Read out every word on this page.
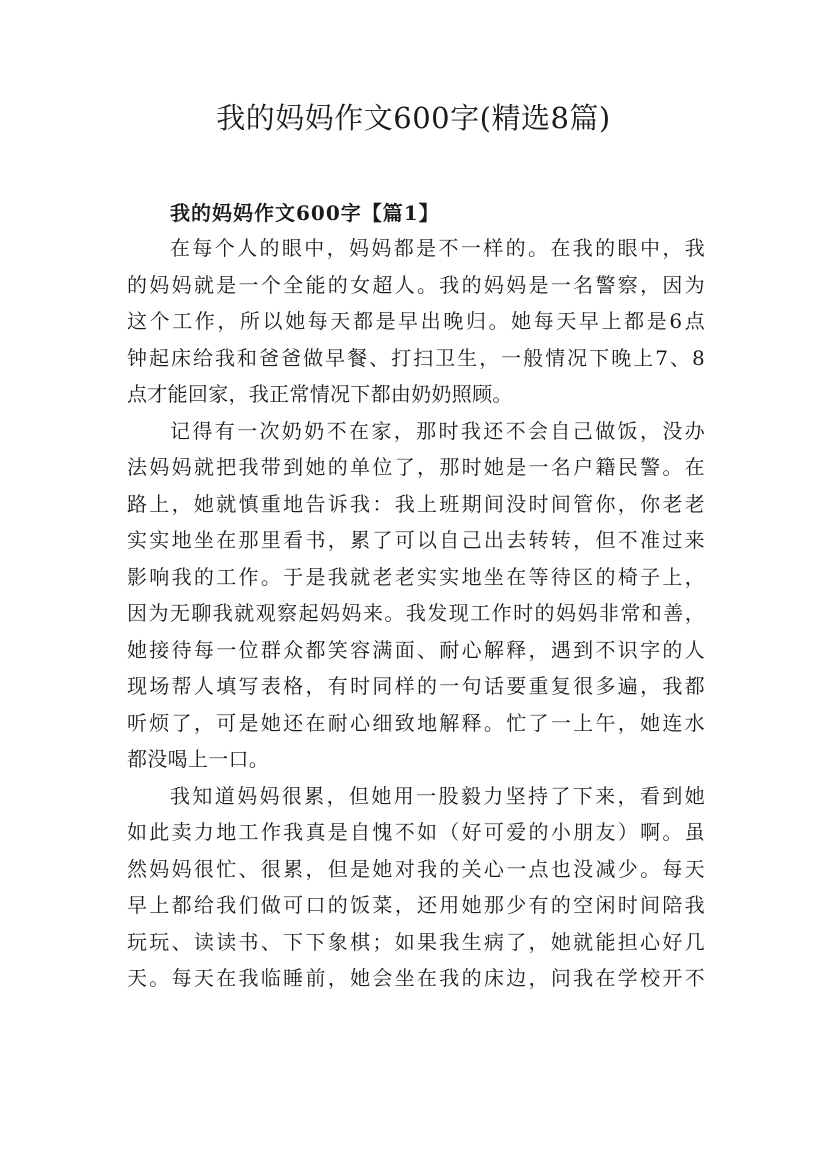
我的妈妈作文600字(精选8篇)
我的妈妈作文600字【篇1】
在每个人的眼中，妈妈都是不一样的。在我的眼中，我
的妈妈就是一个全能的女超人。我的妈妈是一名警察，因为
这个工作，所以她每天都是早出晚归。她每天早上都是6点
钟起床给我和爸爸做早餐、打扫卫生，一般情况下晚上7、8
点才能回家，我正常情况下都由奶奶照顾。
记得有一次奶奶不在家，那时我还不会自己做饭，没办
法妈妈就把我带到她的单位了，那时她是一名户籍民警。在
路上，她就慎重地告诉我：我上班期间没时间管你，你老老
实实地坐在那里看书，累了可以自己出去转转，但不准过来
影响我的工作。于是我就老老实实地坐在等待区的椅子上，
因为无聊我就观察起妈妈来。我发现工作时的妈妈非常和善，
她接待每一位群众都笑容满面、耐心解释，遇到不识字的人
现场帮人填写表格，有时同样的一句话要重复很多遍，我都
听烦了，可是她还在耐心细致地解释。忙了一上午，她连水
都没喝上一口。
我知道妈妈很累，但她用一股毅力坚持了下来，看到她
如此卖力地工作我真是自愧不如（好可爱的小朋友）啊。虽
然妈妈很忙、很累，但是她对我的关心一点也没减少。每天
早上都给我们做可口的饭菜，还用她那少有的空闲时间陪我
玩玩、读读书、下下象棋；如果我生病了，她就能担心好几
天。每天在我临睡前，她会坐在我的床边，问我在学校开不
